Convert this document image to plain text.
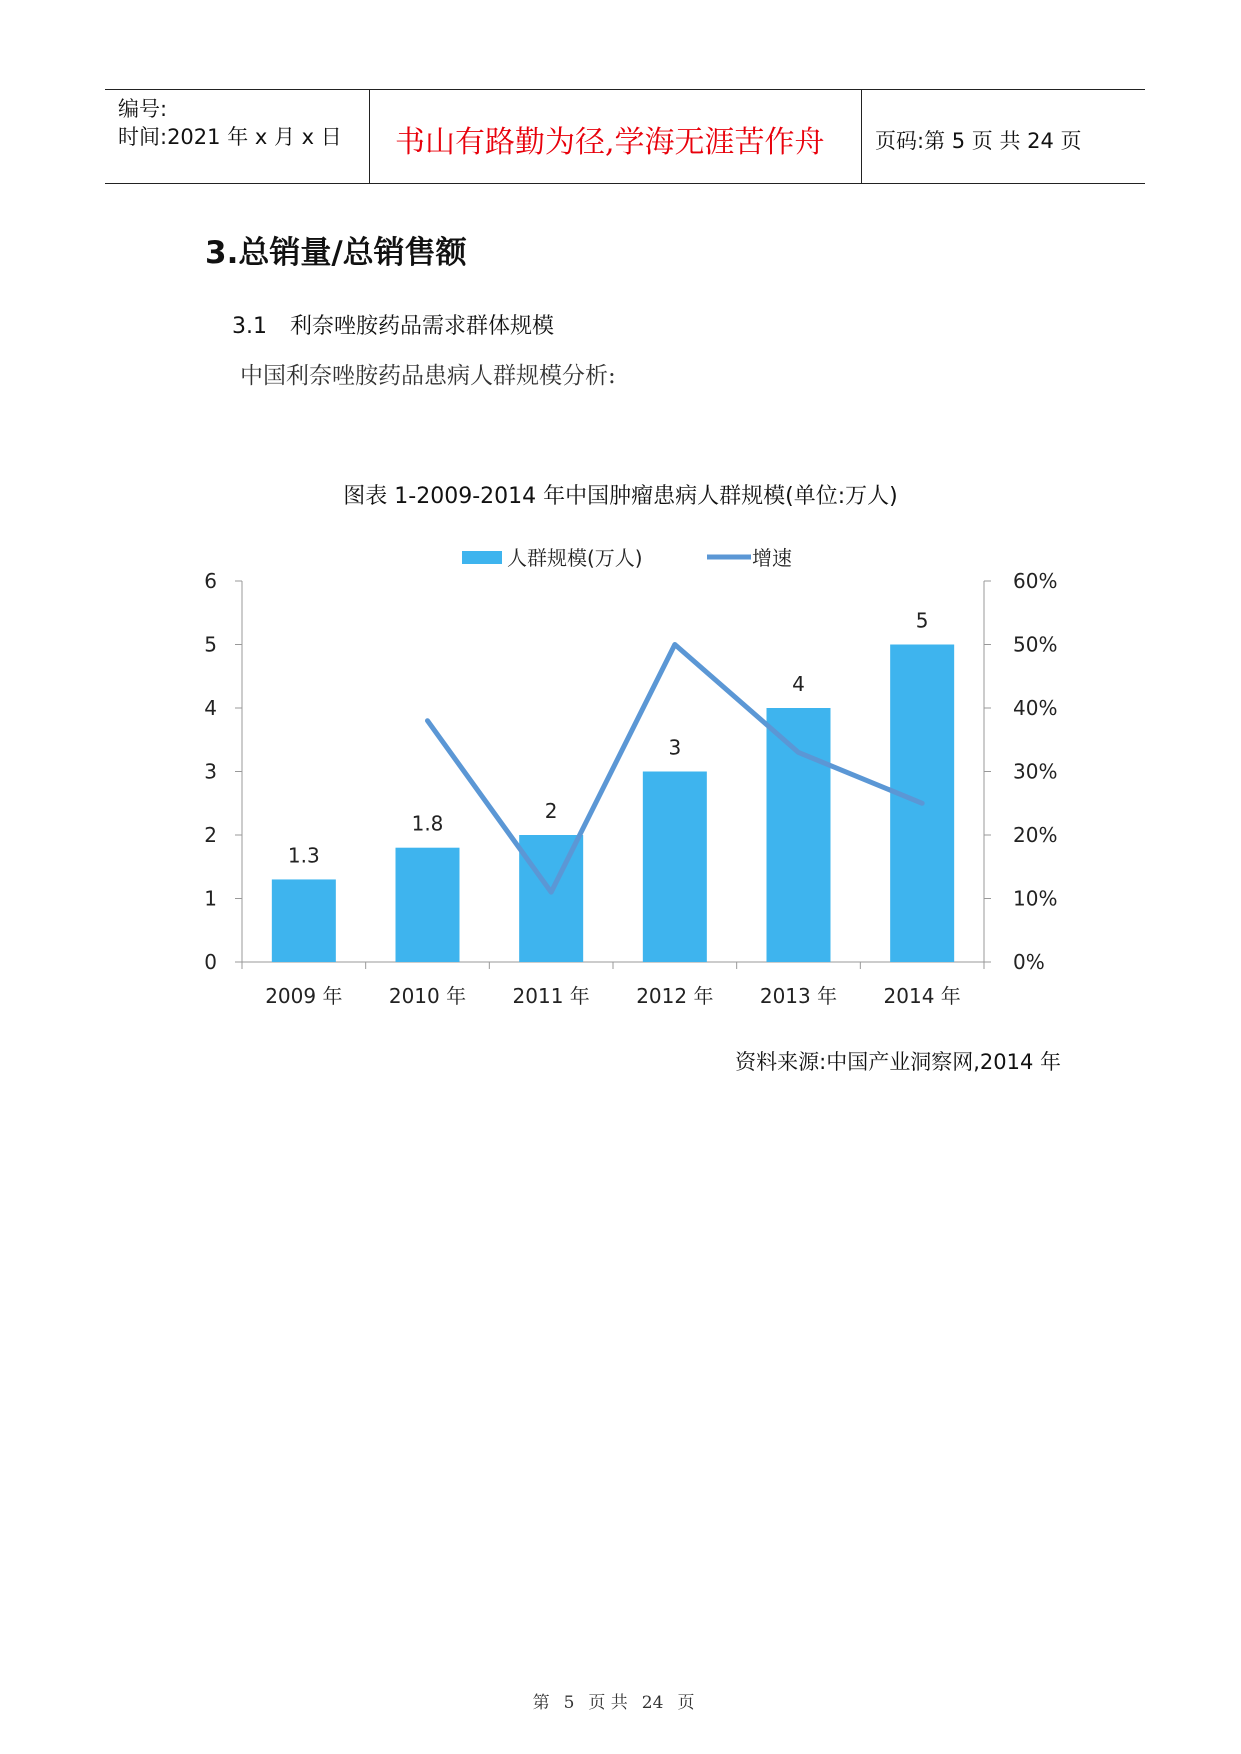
编号:
时间:2021 年 x 月 x 日 书山有路勤为径,学海无涯苦作舟 页码:第 5 页 共 24 页
3.总销量/总销售额
3.1 利奈唑胺药品需求群体规模
中国利奈唑胺药品患病人群规模分析:
图表 1-2009-2014 年中国肿瘤患病人群规模(单位:万人)
0
1
2
3
4
5
6
0%
10%
20%
30%
40%
50%
60%
1.3
1.8
2
3
4
5
2009 年 2010 年 2011 年 2012 年 2013 年 2014 年
人群规模(万人)	增速
资料来源:中国产业洞察网,2014 年
第 5 页 共 24 页
